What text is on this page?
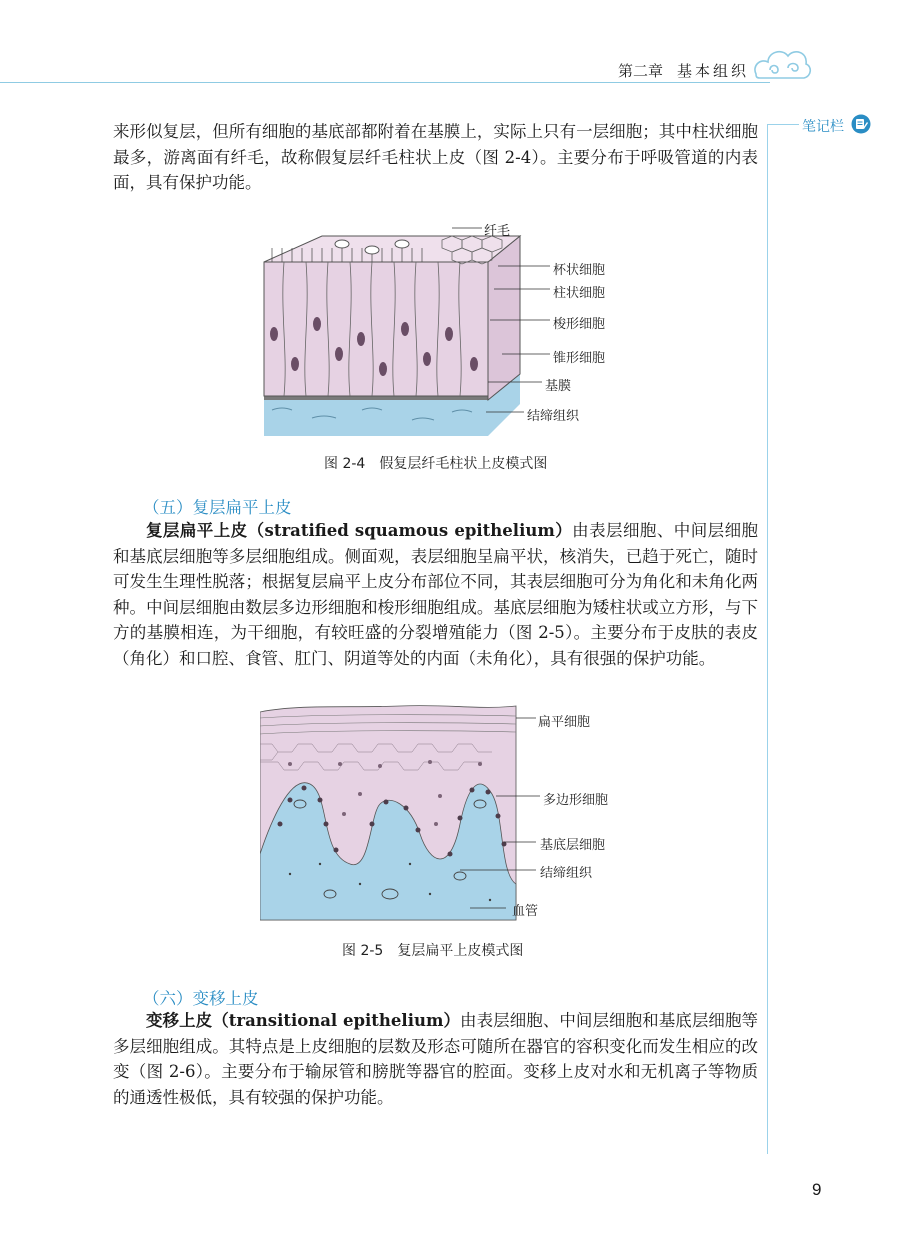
第二章 基本组织
笔记栏

来形似复层，但所有细胞的基底部都附着在基膜上，实际上只有一层细胞；其中柱状细胞最多，游离面有纤毛，故称假复层纤毛柱状上皮（图 2-4）。主要分布于呼吸管道的内表面，具有保护功能。

纤毛
杯状细胞
柱状细胞
梭形细胞
锥形细胞
基膜
结缔组织
图 2-4　假复层纤毛柱状上皮模式图
（五）复层扁平上皮

复层扁平上皮（stratified squamous epithelium）由表层细胞、中间层细胞和基底层细胞等多层细胞组成。侧面观，表层细胞呈扁平状，核消失，已趋于死亡，随时可发生生理性脱落；根据复层扁平上皮分布部位不同，其表层细胞可分为角化和未角化两种。中间层细胞由数层多边形细胞和梭形细胞组成。基底层细胞为矮柱状或立方形，与下方的基膜相连，为干细胞，有较旺盛的分裂增殖能力（图 2-5）。主要分布于皮肤的表皮（角化）和口腔、食管、肛门、阴道等处的内面（未角化），具有很强的保护功能。

扁平细胞
多边形细胞
基底层细胞
结缔组织
血管
图 2-5　复层扁平上皮模式图
（六）变移上皮

变移上皮（transitional epithelium）由表层细胞、中间层细胞和基底层细胞等多层细胞组成。其特点是上皮细胞的层数及形态可随所在器官的容积变化而发生相应的改变（图 2-6）。主要分布于输尿管和膀胱等器官的腔面。变移上皮对水和无机离子等物质的通透性极低，具有较强的保护功能。

9
